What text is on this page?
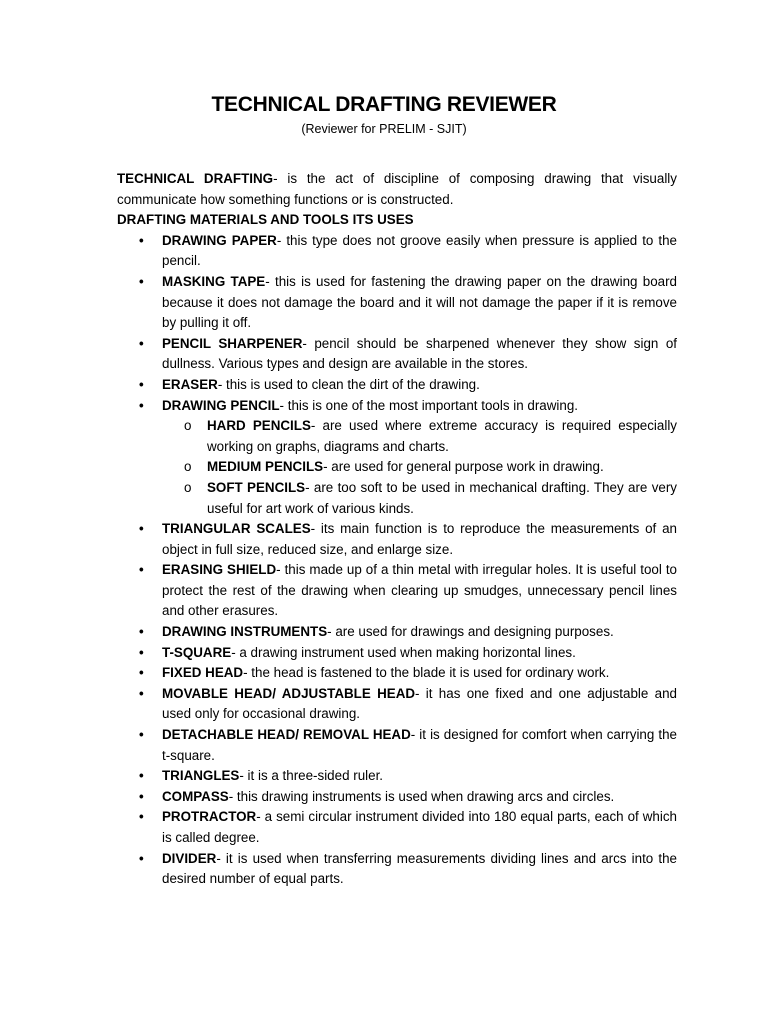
TECHNICAL DRAFTING REVIEWER
(Reviewer for PRELIM - SJIT)
TECHNICAL DRAFTING- is the act of discipline of composing drawing that visually communicate how something functions or is constructed.
DRAFTING MATERIALS AND TOOLS ITS USES
• DRAWING PAPER- this type does not groove easily when pressure is applied to the pencil.
• MASKING TAPE- this is used for fastening the drawing paper on the drawing board because it does not damage the board and it will not damage the paper if it is remove by pulling it off.
• PENCIL SHARPENER- pencil should be sharpened whenever they show sign of dullness. Various types and design are available in the stores.
• ERASER- this is used to clean the dirt of the drawing.
• DRAWING PENCIL- this is one of the most important tools in drawing.
o HARD PENCILS- are used where extreme accuracy is required especially working on graphs, diagrams and charts.
o MEDIUM PENCILS- are used for general purpose work in drawing.
o SOFT PENCILS- are too soft to be used in mechanical drafting. They are very useful for art work of various kinds.
• TRIANGULAR SCALES- its main function is to reproduce the measurements of an object in full size, reduced size, and enlarge size.
• ERASING SHIELD- this made up of a thin metal with irregular holes. It is useful tool to protect the rest of the drawing when clearing up smudges, unnecessary pencil lines and other erasures.
• DRAWING INSTRUMENTS- are used for drawings and designing purposes.
• T-SQUARE- a drawing instrument used when making horizontal lines.
• FIXED HEAD- the head is fastened to the blade it is used for ordinary work.
• MOVABLE HEAD/ ADJUSTABLE HEAD- it has one fixed and one adjustable and used only for occasional drawing.
• DETACHABLE HEAD/ REMOVAL HEAD- it is designed for comfort when carrying the t-square.
• TRIANGLES- it is a three-sided ruler.
• COMPASS- this drawing instruments is used when drawing arcs and circles.
• PROTRACTOR- a semi circular instrument divided into 180 equal parts, each of which is called degree.
• DIVIDER- it is used when transferring measurements dividing lines and arcs into the desired number of equal parts.
